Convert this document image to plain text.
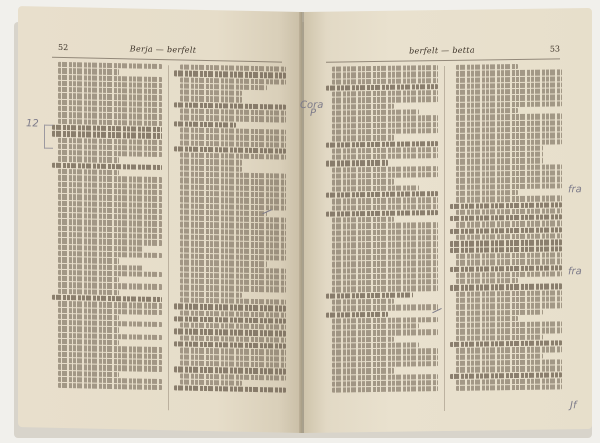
52	Berja — berfelt
12
53
berfelt — betta
Cora
P
fra
fra
Jf
